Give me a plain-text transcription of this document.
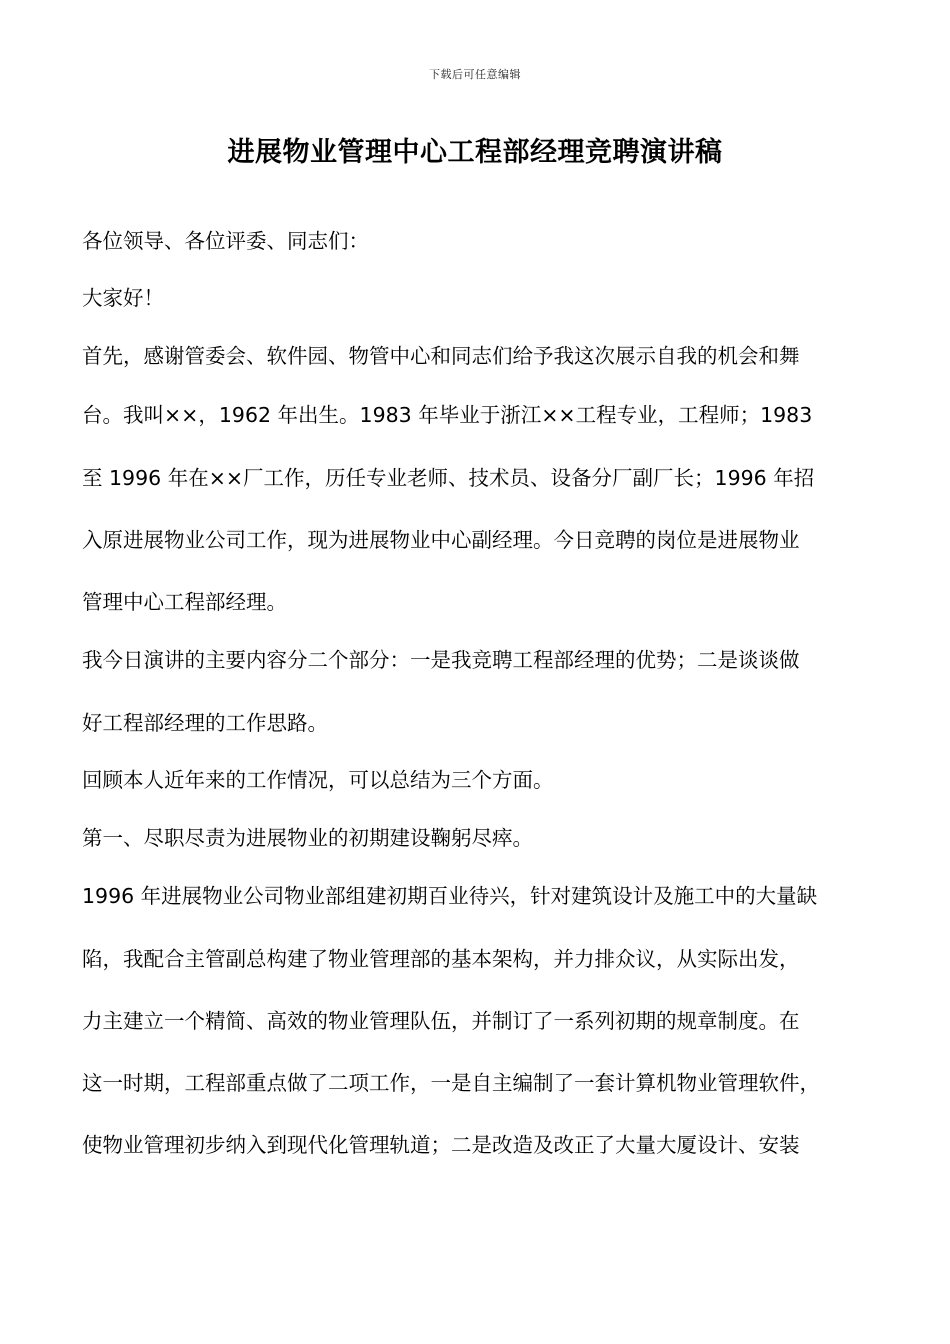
下载后可任意编辑
进展物业管理中心工程部经理竞聘演讲稿
各位领导、各位评委、同志们：
大家好！
首先，感谢管委会、软件园、物管中心和同志们给予我这次展示自我的机会和舞
台。我叫××，1962 年出生。1983 年毕业于浙江××工程专业，工程师；1983
至 1996 年在××厂工作，历任专业老师、技术员、设备分厂副厂长；1996 年招
入原进展物业公司工作，现为进展物业中心副经理。今日竞聘的岗位是进展物业
管理中心工程部经理。
我今日演讲的主要内容分二个部分：一是我竞聘工程部经理的优势；二是谈谈做
好工程部经理的工作思路。
回顾本人近年来的工作情况，可以总结为三个方面。
第一、尽职尽责为进展物业的初期建设鞠躬尽瘁。
1996 年进展物业公司物业部组建初期百业待兴，针对建筑设计及施工中的大量缺
陷，我配合主管副总构建了物业管理部的基本架构，并力排众议，从实际出发，
力主建立一个精简、高效的物业管理队伍，并制订了一系列初期的规章制度。在
这一时期，工程部重点做了二项工作，一是自主编制了一套计算机物业管理软件，
使物业管理初步纳入到现代化管理轨道；二是改造及改正了大量大厦设计、安装
